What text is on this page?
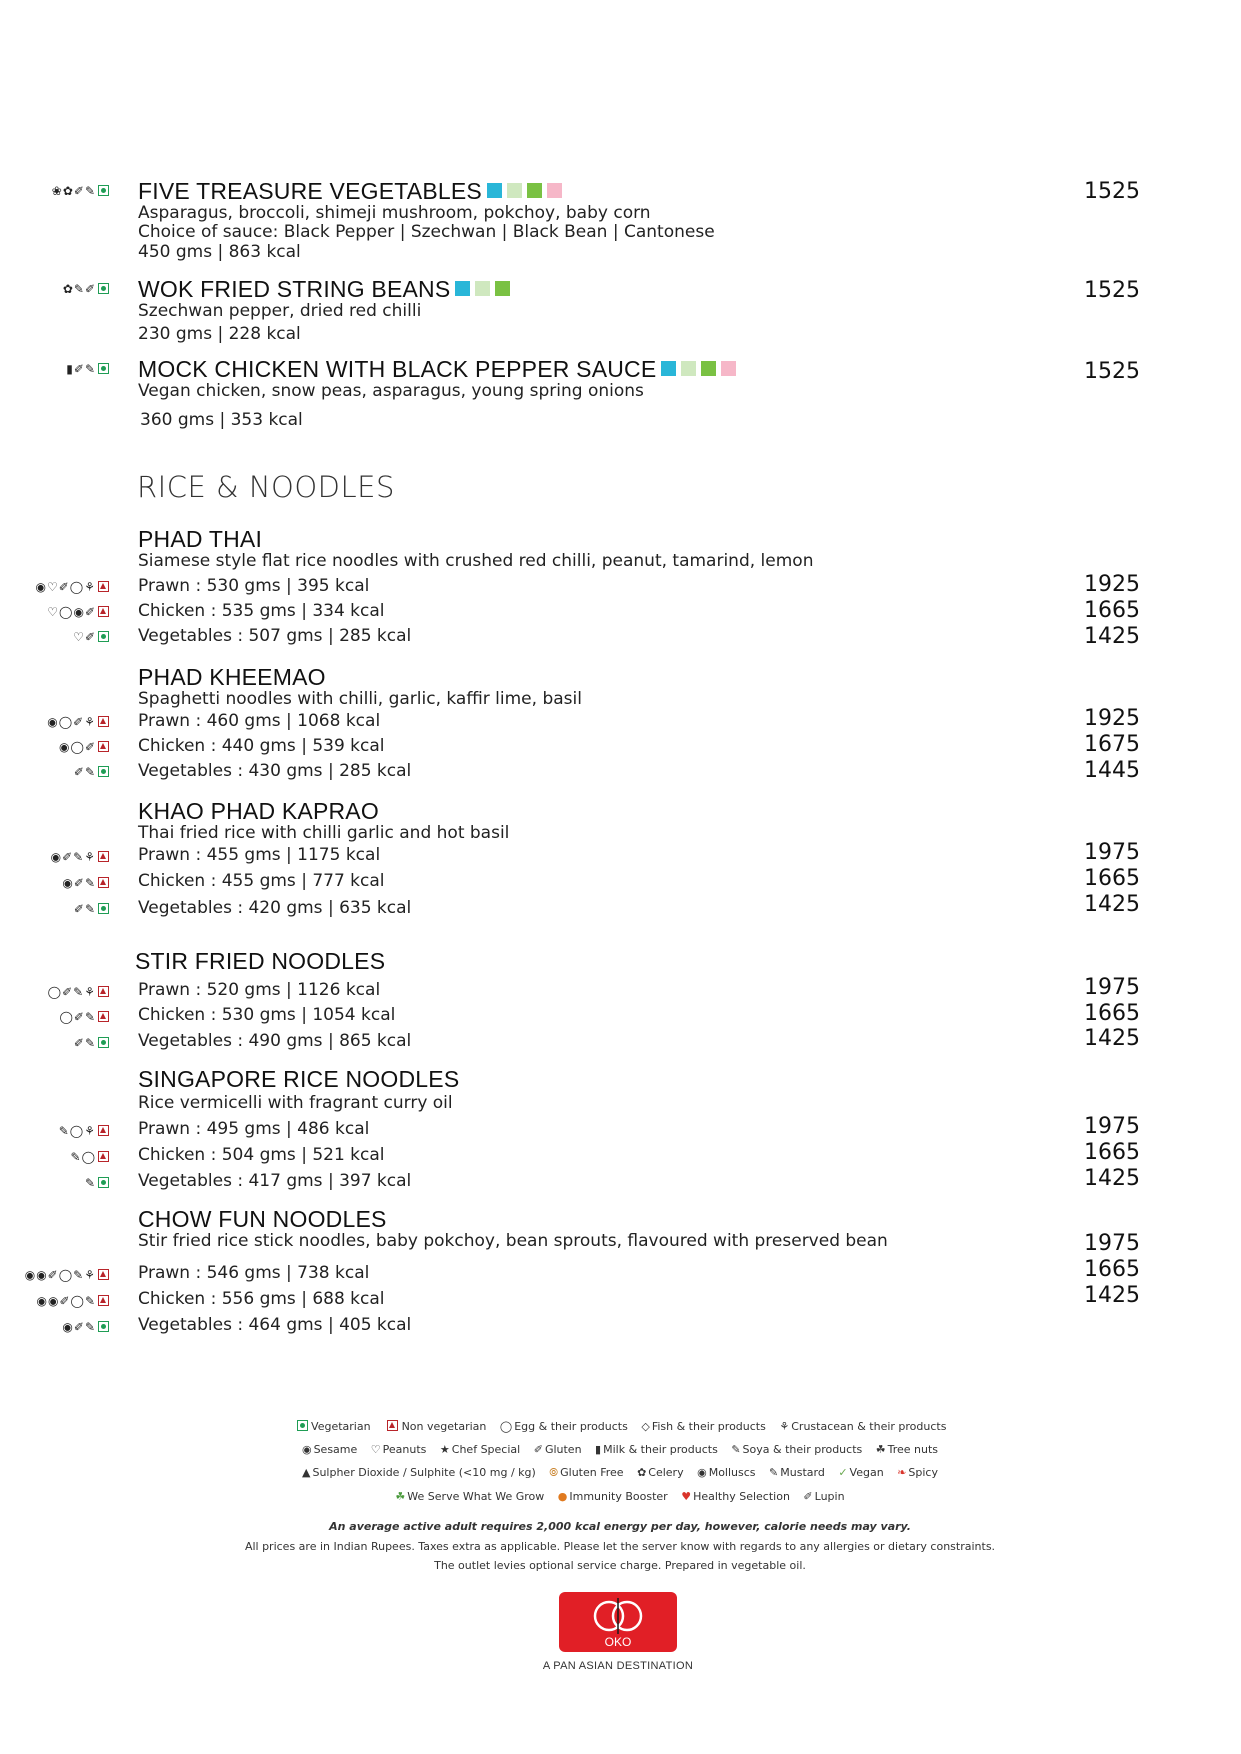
❀✿✐✎	FIVE TREASURE VEGETABLES
Asparagus, broccoli, shimeji mushroom, pokchoy, baby corn
Choice of sauce: Black Pepper | Szechwan | Black Bean | Cantonese
450 gms | 863 kcal
1525
✿✎✐	WOK FRIED STRING BEANS
Szechwan pepper, dried red chilli
230 gms | 228 kcal
1525
▮✐✎	MOCK CHICKEN WITH BLACK PEPPER SAUCE
Vegan chicken, snow peas, asparagus, young spring onions
360 gms | 353 kcal
1525
RICE & NOODLES
PHAD THAI
Siamese style flat rice noodles with crushed red chilli, peanut, tamarind, lemon
◉♡✐◯⚘	Prawn : 530 gms | 395 kcal	1925
♡◯◉✐	Chicken : 535 gms | 334 kcal	1665
♡✐	Vegetables : 507 gms | 285 kcal	1425
PHAD KHEEMAO
Spaghetti noodles with chilli, garlic, kaffir lime, basil
◉◯✐⚘	Prawn : 460 gms | 1068 kcal	1925
◉◯✐	Chicken : 440 gms | 539 kcal	1675
✐✎	Vegetables : 430 gms | 285 kcal	1445
KHAO PHAD KAPRAO
Thai fried rice with chilli garlic and hot basil
◉✐✎⚘	Prawn : 455 gms | 1175 kcal	1975
◉✐✎	Chicken : 455 gms | 777 kcal	1665
✐✎	Vegetables : 420 gms | 635 kcal	1425
STIR FRIED NOODLES
◯✐✎⚘	Prawn : 520 gms | 1126 kcal	1975
◯✐✎	Chicken : 530 gms | 1054 kcal	1665
✐✎	Vegetables : 490 gms | 865 kcal	1425
SINGAPORE RICE NOODLES
Rice vermicelli with fragrant curry oil
✎◯⚘	Prawn : 495 gms | 486 kcal	1975
✎◯	Chicken : 504 gms | 521 kcal	1665
✎	Vegetables : 417 gms | 397 kcal	1425
CHOW FUN NOODLES
Stir fried rice stick noodles, baby pokchoy, bean sprouts, flavoured with preserved bean
◉◉✐◯✎⚘	Prawn : 546 gms | 738 kcal
1975
◉◉✐◯✎	Chicken : 556 gms | 688 kcal
1665
◉✐✎	Vegetables : 464 gms | 405 kcal
1425
Vegetarian	Non vegetarian ◯ Egg & their products ◇ Fish & their products ⚘ Crustacean & their products
◉ Sesame ♡ Peanuts ★ Chef Special ✐ Gluten ▮ Milk & their products ✎ Soya & their products ☘ Tree nuts
▲ Sulpher Dioxide / Sulphite (<10 mg / kg) ⦾ Gluten Free ✿ Celery ◉ Molluscs ✎ Mustard ✓ Vegan ❧ Spicy
☘ We Serve What We Grow ● Immunity Booster ♥ Healthy Selection ✐ Lupin
An average active adult requires 2,000 kcal energy per day, however, calorie needs may vary.
All prices are in Indian Rupees. Taxes extra as applicable. Please let the server know with regards to any allergies or dietary constraints.
The outlet levies optional service charge. Prepared in vegetable oil.
OKO
A PAN ASIAN DESTINATION
